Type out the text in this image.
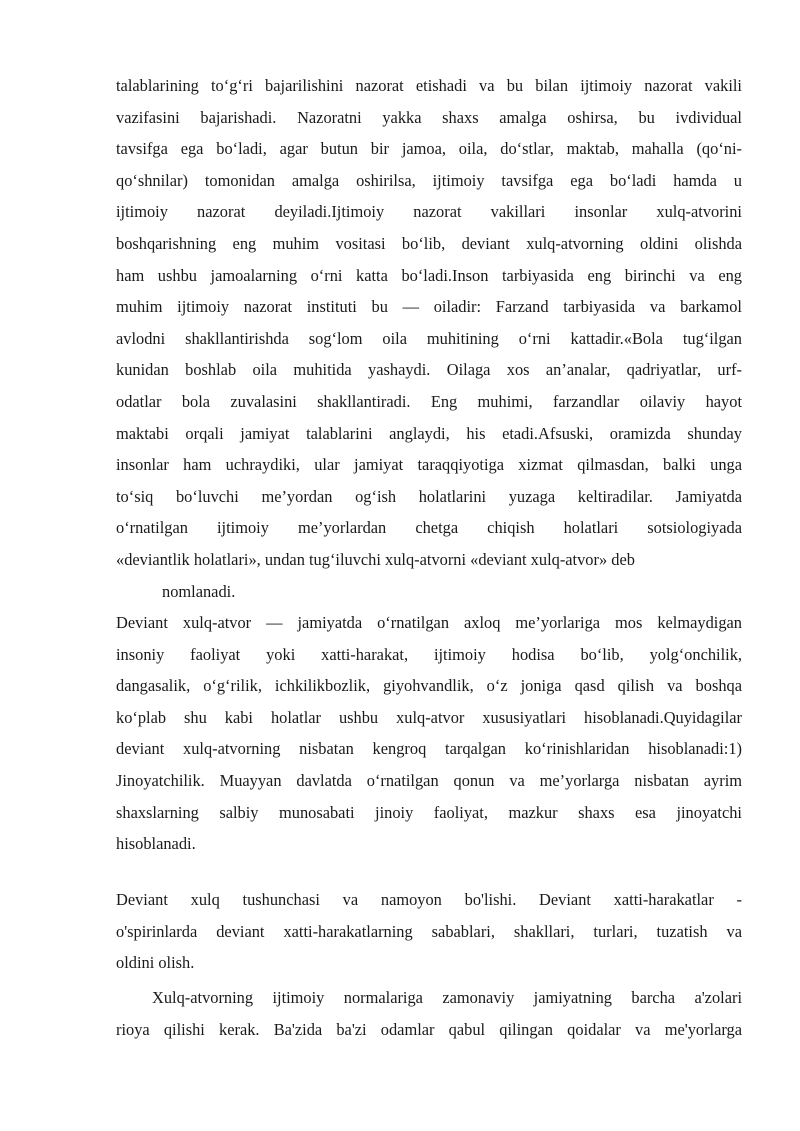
talablarining to‘g‘ri bajarilishini nazorat etishadi va bu bilan ijtimoiy nazorat vakili
vazifasini bajarishadi. Nazoratni yakka shaxs amalga oshirsa, bu ivdividual
tavsifga ega bo‘ladi, agar butun bir jamoa, oila, do‘stlar, maktab, mahalla (qo‘ni-
qo‘shnilar) tomonidan amalga oshirilsa, ijtimoiy tavsifga ega bo‘ladi hamda u
ijtimoiy nazorat deyiladi.Ijtimoiy nazorat vakillari insonlar xulq-atvorini
boshqarishning eng muhim vositasi bo‘lib, deviant xulq-atvorning oldini olishda
ham ushbu jamoalarning o‘rni katta bo‘ladi.Inson tarbiyasida eng birinchi va eng
muhim ijtimoiy nazorat instituti bu — oiladir: Farzand tarbiyasida va barkamol
avlodni shakllantirishda sog‘lom oila muhitining o‘rni kattadir.«Bola tug‘ilgan
kunidan boshlab oila muhitida yashaydi. Oilaga xos an’analar, qadriyatlar, urf-
odatlar bola zuvalasini shakllantiradi. Eng muhimi, farzandlar oilaviy hayot
maktabi orqali jamiyat talablarini anglaydi, his etadi.Afsuski, oramizda shunday
insonlar ham uchraydiki, ular jamiyat taraqqiyotiga xizmat qilmasdan, balki unga
to‘siq bo‘luvchi me’yordan og‘ish holatlarini yuzaga keltiradilar. Jamiyatda
o‘rnatilgan ijtimoiy me’yorlardan chetga chiqish holatlari sotsiologiyada
«deviantlik holatlari», undan tug‘iluvchi xulq-atvorni «deviant xulq-atvor» deb
nomlanadi.
Deviant xulq-atvor — jamiyatda o‘rnatilgan axloq me’yorlariga mos kelmaydigan
insoniy faoliyat yoki xatti-harakat, ijtimoiy hodisa bo‘lib, yolg‘onchilik,
dangasalik, o‘g‘rilik, ichkilikbozlik, giyohvandlik, o‘z joniga qasd qilish va boshqa
ko‘plab shu kabi holatlar ushbu xulq-atvor xususiyatlari hisoblanadi.Quyidagilar
deviant xulq-atvorning nisbatan kengroq tarqalgan ko‘rinishlaridan hisoblanadi:1)
Jinoyatchilik. Muayyan davlatda o‘rnatilgan qonun va me’yorlarga nisbatan ayrim
shaxslarning salbiy munosabati jinoiy faoliyat, mazkur shaxs esa jinoyatchi
hisoblanadi.
Deviant xulq tushunchasi va namoyon bo'lishi. Deviant xatti-harakatlar -
o'spirinlarda deviant xatti-harakatlarning sabablari, shakllari, turlari, tuzatish va
oldini olish.
Xulq-atvorning ijtimoiy normalariga zamonaviy jamiyatning barcha a'zolari
rioya qilishi kerak. Ba'zida ba'zi odamlar qabul qilingan qoidalar va me'yorlarga
